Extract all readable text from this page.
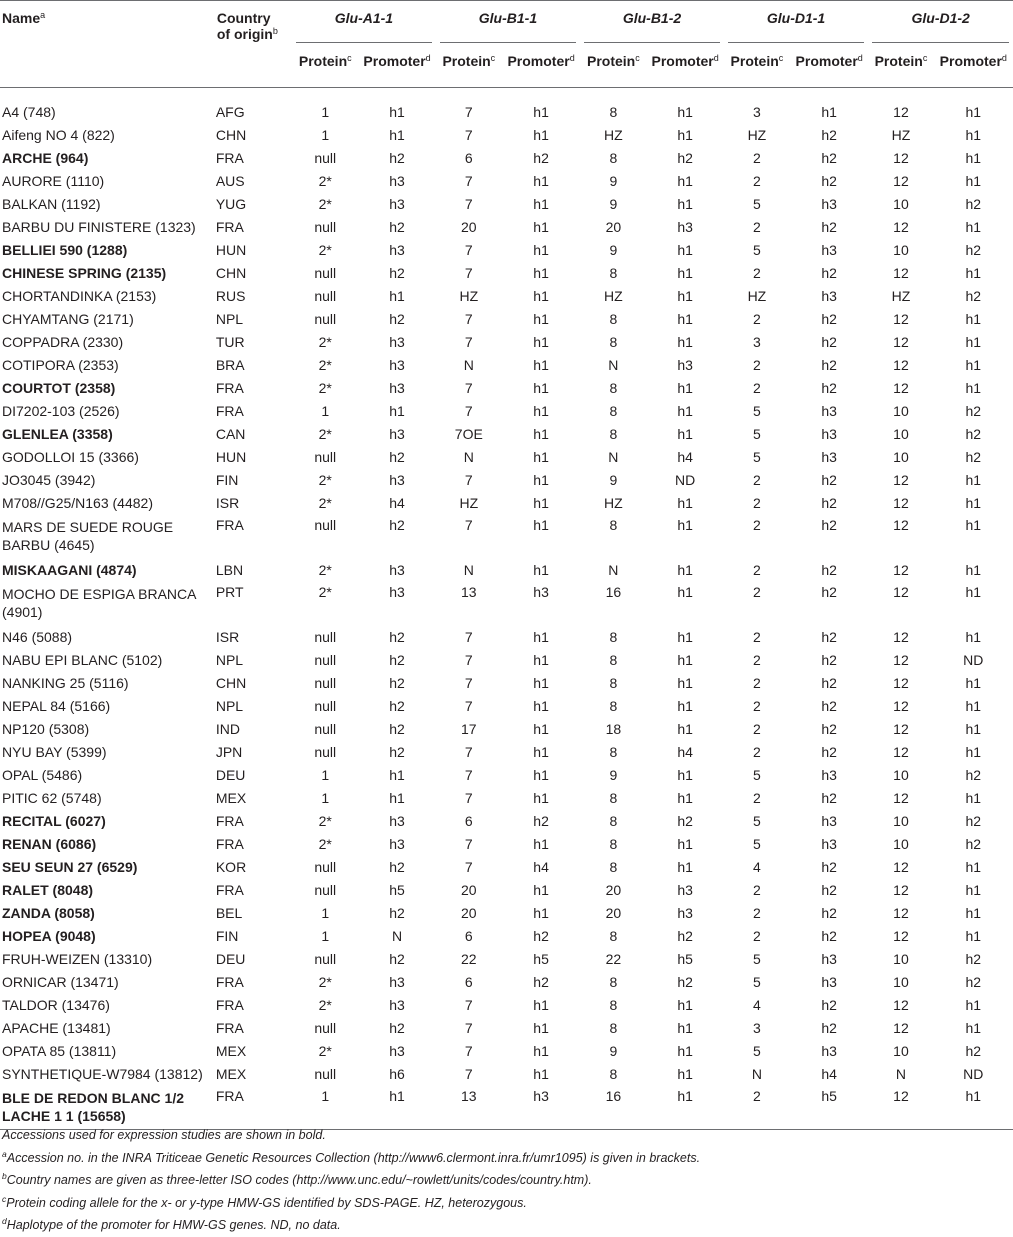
Name$^a$	Country
of origin$^b$	Glu-A1-1		Glu-B1-1		Glu-B1-2		Glu-D1-1		Glu-D1-2	

		Protein$^c$	Promoter$^d$	Protein$^c$	Promoter$^d$	Protein$^c$	Promoter$^d$	Protein$^c$	Promoter$^d$	Protein$^c$	Promoter$^d$

A4 (748)	AFG	1	h1	7	h1	8	h1	3	h1	12	h1
Aifeng NO 4 (822)	CHN	1	h1	7	h1	HZ	h1	HZ	h2	HZ	h1
ARCHE (964)	FRA	null	h2	6	h2	8	h2	2	h2	12	h1
AURORE (1110)	AUS	2*	h3	7	h1	9	h1	2	h2	12	h1
BALKAN (1192)	YUG	2*	h3	7	h1	9	h1	5	h3	10	h2
BARBU DU FINISTERE (1323)	FRA	null	h2	20	h1	20	h3	2	h2	12	h1
BELLIEI 590 (1288)	HUN	2*	h3	7	h1	9	h1	5	h3	10	h2
CHINESE SPRING (2135)	CHN	null	h2	7	h1	8	h1	2	h2	12	h1
CHORTANDINKA (2153)	RUS	null	h1	HZ	h1	HZ	h1	HZ	h3	HZ	h2
CHYAMTANG (2171)	NPL	null	h2	7	h1	8	h1	2	h2	12	h1
COPPADRA (2330)	TUR	2*	h3	7	h1	8	h1	3	h2	12	h1
COTIPORA (2353)	BRA	2*	h3	N	h1	N	h3	2	h2	12	h1
COURTOT (2358)	FRA	2*	h3	7	h1	8	h1	2	h2	12	h1
DI7202-103 (2526)	FRA	1	h1	7	h1	8	h1	5	h3	10	h2
GLENLEA (3358)	CAN	2*	h3	7OE	h1	8	h1	5	h3	10	h2
GODOLLOI 15 (3366)	HUN	null	h2	N	h1	N	h4	5	h3	10	h2
JO3045 (3942)	FIN	2*	h3	7	h1	9	ND	2	h2	12	h1
M708//G25/N163 (4482)	ISR	2*	h4	HZ	h1	HZ	h1	2	h2	12	h1
MARS DE SUEDE ROUGE BARBU (4645)	FRA	null	h2	7	h1	8	h1	2	h2	12	h1
MISKAAGANI (4874)	LBN	2*	h3	N	h1	N	h1	2	h2	12	h1
MOCHO DE ESPIGA BRANCA (4901)	PRT	2*	h3	13	h3	16	h1	2	h2	12	h1
N46 (5088)	ISR	null	h2	7	h1	8	h1	2	h2	12	h1
NABU EPI BLANC (5102)	NPL	null	h2	7	h1	8	h1	2	h2	12	ND
NANKING 25 (5116)	CHN	null	h2	7	h1	8	h1	2	h2	12	h1
NEPAL 84 (5166)	NPL	null	h2	7	h1	8	h1	2	h2	12	h1
NP120 (5308)	IND	null	h2	17	h1	18	h1	2	h2	12	h1
NYU BAY (5399)	JPN	null	h2	7	h1	8	h4	2	h2	12	h1
OPAL (5486)	DEU	1	h1	7	h1	9	h1	5	h3	10	h2
PITIC 62 (5748)	MEX	1	h1	7	h1	8	h1	2	h2	12	h1
RECITAL (6027)	FRA	2*	h3	6	h2	8	h2	5	h3	10	h2
RENAN (6086)	FRA	2*	h3	7	h1	8	h1	5	h3	10	h2
SEU SEUN 27 (6529)	KOR	null	h2	7	h4	8	h1	4	h2	12	h1
RALET (8048)	FRA	null	h5	20	h1	20	h3	2	h2	12	h1
ZANDA (8058)	BEL	1	h2	20	h1	20	h3	2	h2	12	h1
HOPEA (9048)	FIN	1	N	6	h2	8	h2	2	h2	12	h1
FRUH-WEIZEN (13310)	DEU	null	h2	22	h5	22	h5	5	h3	10	h2
ORNICAR (13471)	FRA	2*	h3	6	h2	8	h2	5	h3	10	h2
TALDOR (13476)	FRA	2*	h3	7	h1	8	h1	4	h2	12	h1
APACHE (13481)	FRA	null	h2	7	h1	8	h1	3	h2	12	h1
OPATA 85 (13811)	MEX	2*	h3	7	h1	9	h1	5	h3	10	h2
SYNTHETIQUE-W7984 (13812)	MEX	null	h6	7	h1	8	h1	N	h4	N	ND
BLE DE REDON BLANC 1/2 LACHE 1 1 (15658)	FRA	1	h1	13	h3	16	h1	2	h5	12	h1
Accessions used for expression studies are shown in bold.
$^a$Accession no. in the INRA Triticeae Genetic Resources Collection (http://www6.clermont.inra.fr/umr1095) is given in brackets.
$^b$Country names are given as three-letter ISO codes (http://www.unc.edu/~rowlett/units/codes/country.htm).
$^c$Protein coding allele for the x- or y-type HMW-GS identified by SDS-PAGE. HZ, heterozygous.
$^d$Haplotype of the promoter for HMW-GS genes. ND, no data.
